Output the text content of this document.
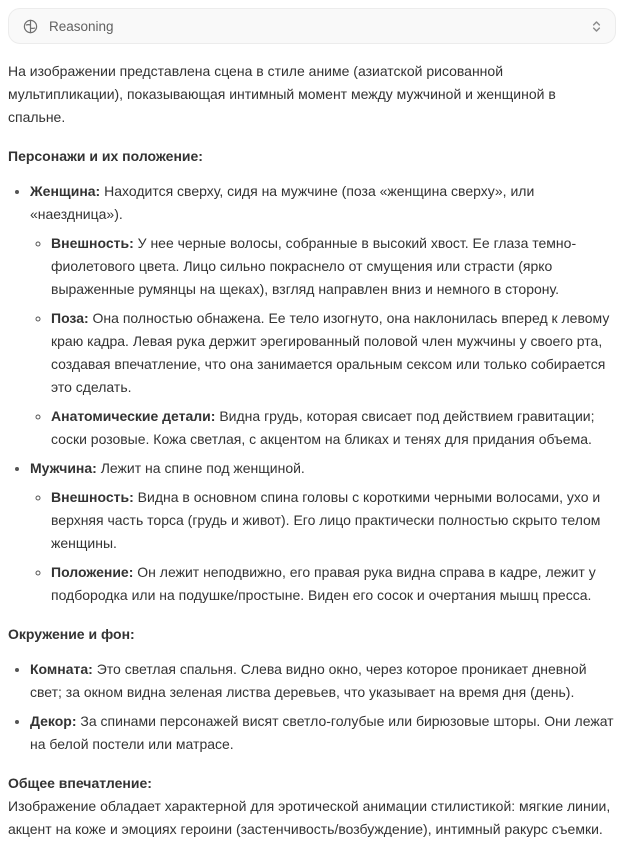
Reasoning

На изображении представлена сцена в стиле аниме (азиатской рисованной мультипликации), показывающая интимный момент между мужчиной и женщиной в спальне.

Персонажи и их положение:

• Женщина: Находится сверху, сидя на мужчине (поза «женщина сверху», или «наездница»).
◦ Внешность: У нее черные волосы, собранные в высокий хвост. Ее глаза темно-фиолетового цвета. Лицо сильно покраснело от смущения или страсти (ярко выраженные румянцы на щеках), взгляд направлен вниз и немного в сторону.
◦ Поза: Она полностью обнажена. Ее тело изогнуто, она наклонилась вперед к левому краю кадра. Левая рука держит эрегированный половой член мужчины у своего рта, создавая впечатление, что она занимается оральным сексом или только собирается это сделать.
◦ Анатомические детали: Видна грудь, которая свисает под действием гравитации; соски розовые. Кожа светлая, с акцентом на бликах и тенях для придания объема.
• Мужчина: Лежит на спине под женщиной.
◦ Внешность: Видна в основном спина головы с короткими черными волосами, ухо и верхняя часть торса (грудь и живот). Его лицо практически полностью скрыто телом женщины.
◦ Положение: Он лежит неподвижно, его правая рука видна справа в кадре, лежит у подбородка или на подушке/простыне. Виден его сосок и очертания мышц пресса.

Окружение и фон:

• Комната: Это светлая спальня. Слева видно окно, через которое проникает дневной свет; за окном видна зеленая листва деревьев, что указывает на время дня (день).
• Декор: За спинами персонажей висят светло-голубые или бирюзовые шторы. Они лежат на белой постели или матрасе.

Общее впечатление:
Изображение обладает характерной для эротической анимации стилистикой: мягкие линии, акцент на коже и эмоциях героини (застенчивость/возбуждение), интимный ракурс съемки.
